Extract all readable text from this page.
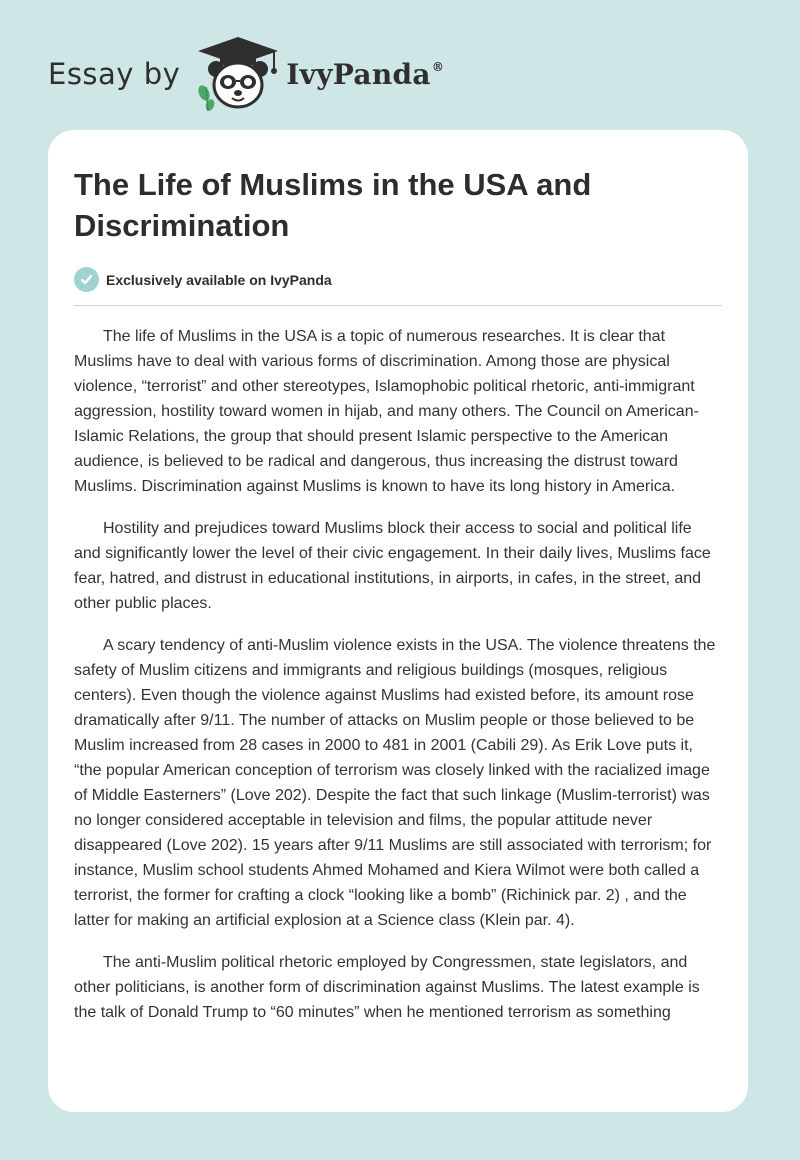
Essay by	IvyPanda®
The Life of Muslims in the USA and Discrimination
Exclusively available on IvyPanda

The life of Muslims in the USA is a topic of numerous researches. It is clear that Muslims have to deal with various forms of discrimination. Among those are physical violence, “terrorist” and other stereotypes, Islamophobic political rhetoric, anti-immigrant aggression, hostility toward women in hijab, and many others. The Council on American-Islamic Relations, the group that should present Islamic perspective to the American audience, is believed to be radical and dangerous, thus increasing the distrust toward Muslims. Discrimination against Muslims is known to have its long history in America.

Hostility and prejudices toward Muslims block their access to social and political life and significantly lower the level of their civic engagement. In their daily lives, Muslims face fear, hatred, and distrust in educational institutions, in airports, in cafes, in the street, and other public places.

A scary tendency of anti-Muslim violence exists in the USA. The violence threatens the safety of Muslim citizens and immigrants and religious buildings (mosques, religious centers). Even though the violence against Muslims had existed before, its amount rose dramatically after 9/11. The number of attacks on Muslim people or those believed to be Muslim increased from 28 cases in 2000 to 481 in 2001 (Cabili 29). As Erik Love puts it, “the popular American conception of terrorism was closely linked with the racialized image of Middle Easterners” (Love 202). Despite the fact that such linkage (Muslim-terrorist) was no longer considered acceptable in television and films, the popular attitude never disappeared (Love 202). 15 years after 9/11 Muslims are still associated with terrorism; for instance, Muslim school students Ahmed Mohamed and Kiera Wilmot were both called a terrorist, the former for crafting a clock “looking like a bomb” (Richinick par. 2) , and the latter for making an artificial explosion at a Science class (Klein par. 4).

The anti-Muslim political rhetoric employed by Congressmen, state legislators, and other politicians, is another form of discrimination against Muslims. The latest example is the talk of Donald Trump to “60 minutes” when he mentioned terrorism as something
